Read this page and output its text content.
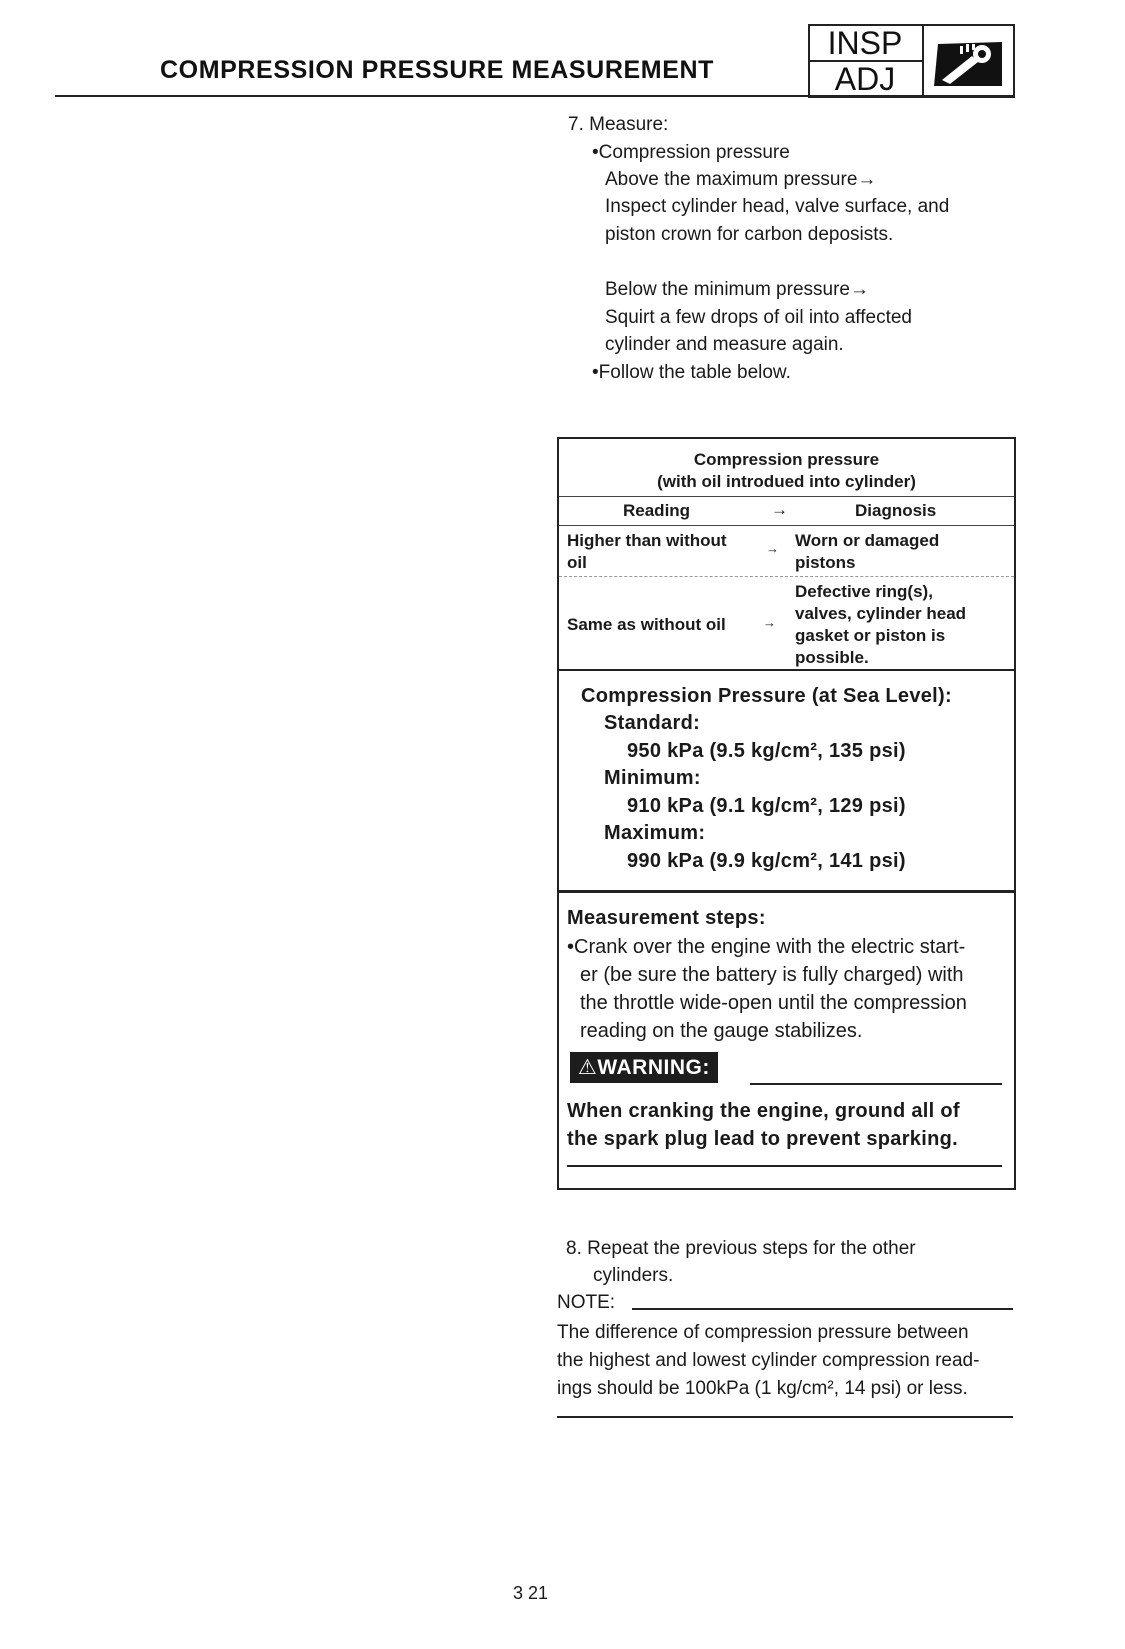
COMPRESSION PRESSURE MEASUREMENT
INSP
ADJ
7. Measure:
•Compression pressure
Above the maximum pressure→
Inspect cylinder head, valve surface, and
piston crown for carbon deposists.
Below the minimum pressure→
Squirt a few drops of oil into affected
cylinder and measure again.
•Follow the table below.
Compression pressure
(with oil introdued into cylinder)
Reading	→	Diagnosis
Higher than without
oil
→ Worn or damaged
pistons
Same as without oil	→
Defective ring(s),
valves, cylinder head
gasket or piston is
possible.
Compression Pressure (at Sea Level):
Standard:
950 kPa (9.5 kg/cm², 135 psi)
Minimum:
910 kPa (9.1 kg/cm², 129 psi)
Maximum:
990 kPa (9.9 kg/cm², 141 psi)
Measurement steps:
•Crank over the engine with the electric start-
er (be sure the battery is fully charged) with
the throttle wide-open until the compression
reading on the gauge stabilizes.
⚠WARNING:
When cranking the engine, ground all of
the spark plug lead to prevent sparking.
8. Repeat the previous steps for the other
cylinders.
NOTE:
The difference of compression pressure between
the highest and lowest cylinder compression read-
ings should be 100kPa (1 kg/cm², 14 psi) or less.
3 21
